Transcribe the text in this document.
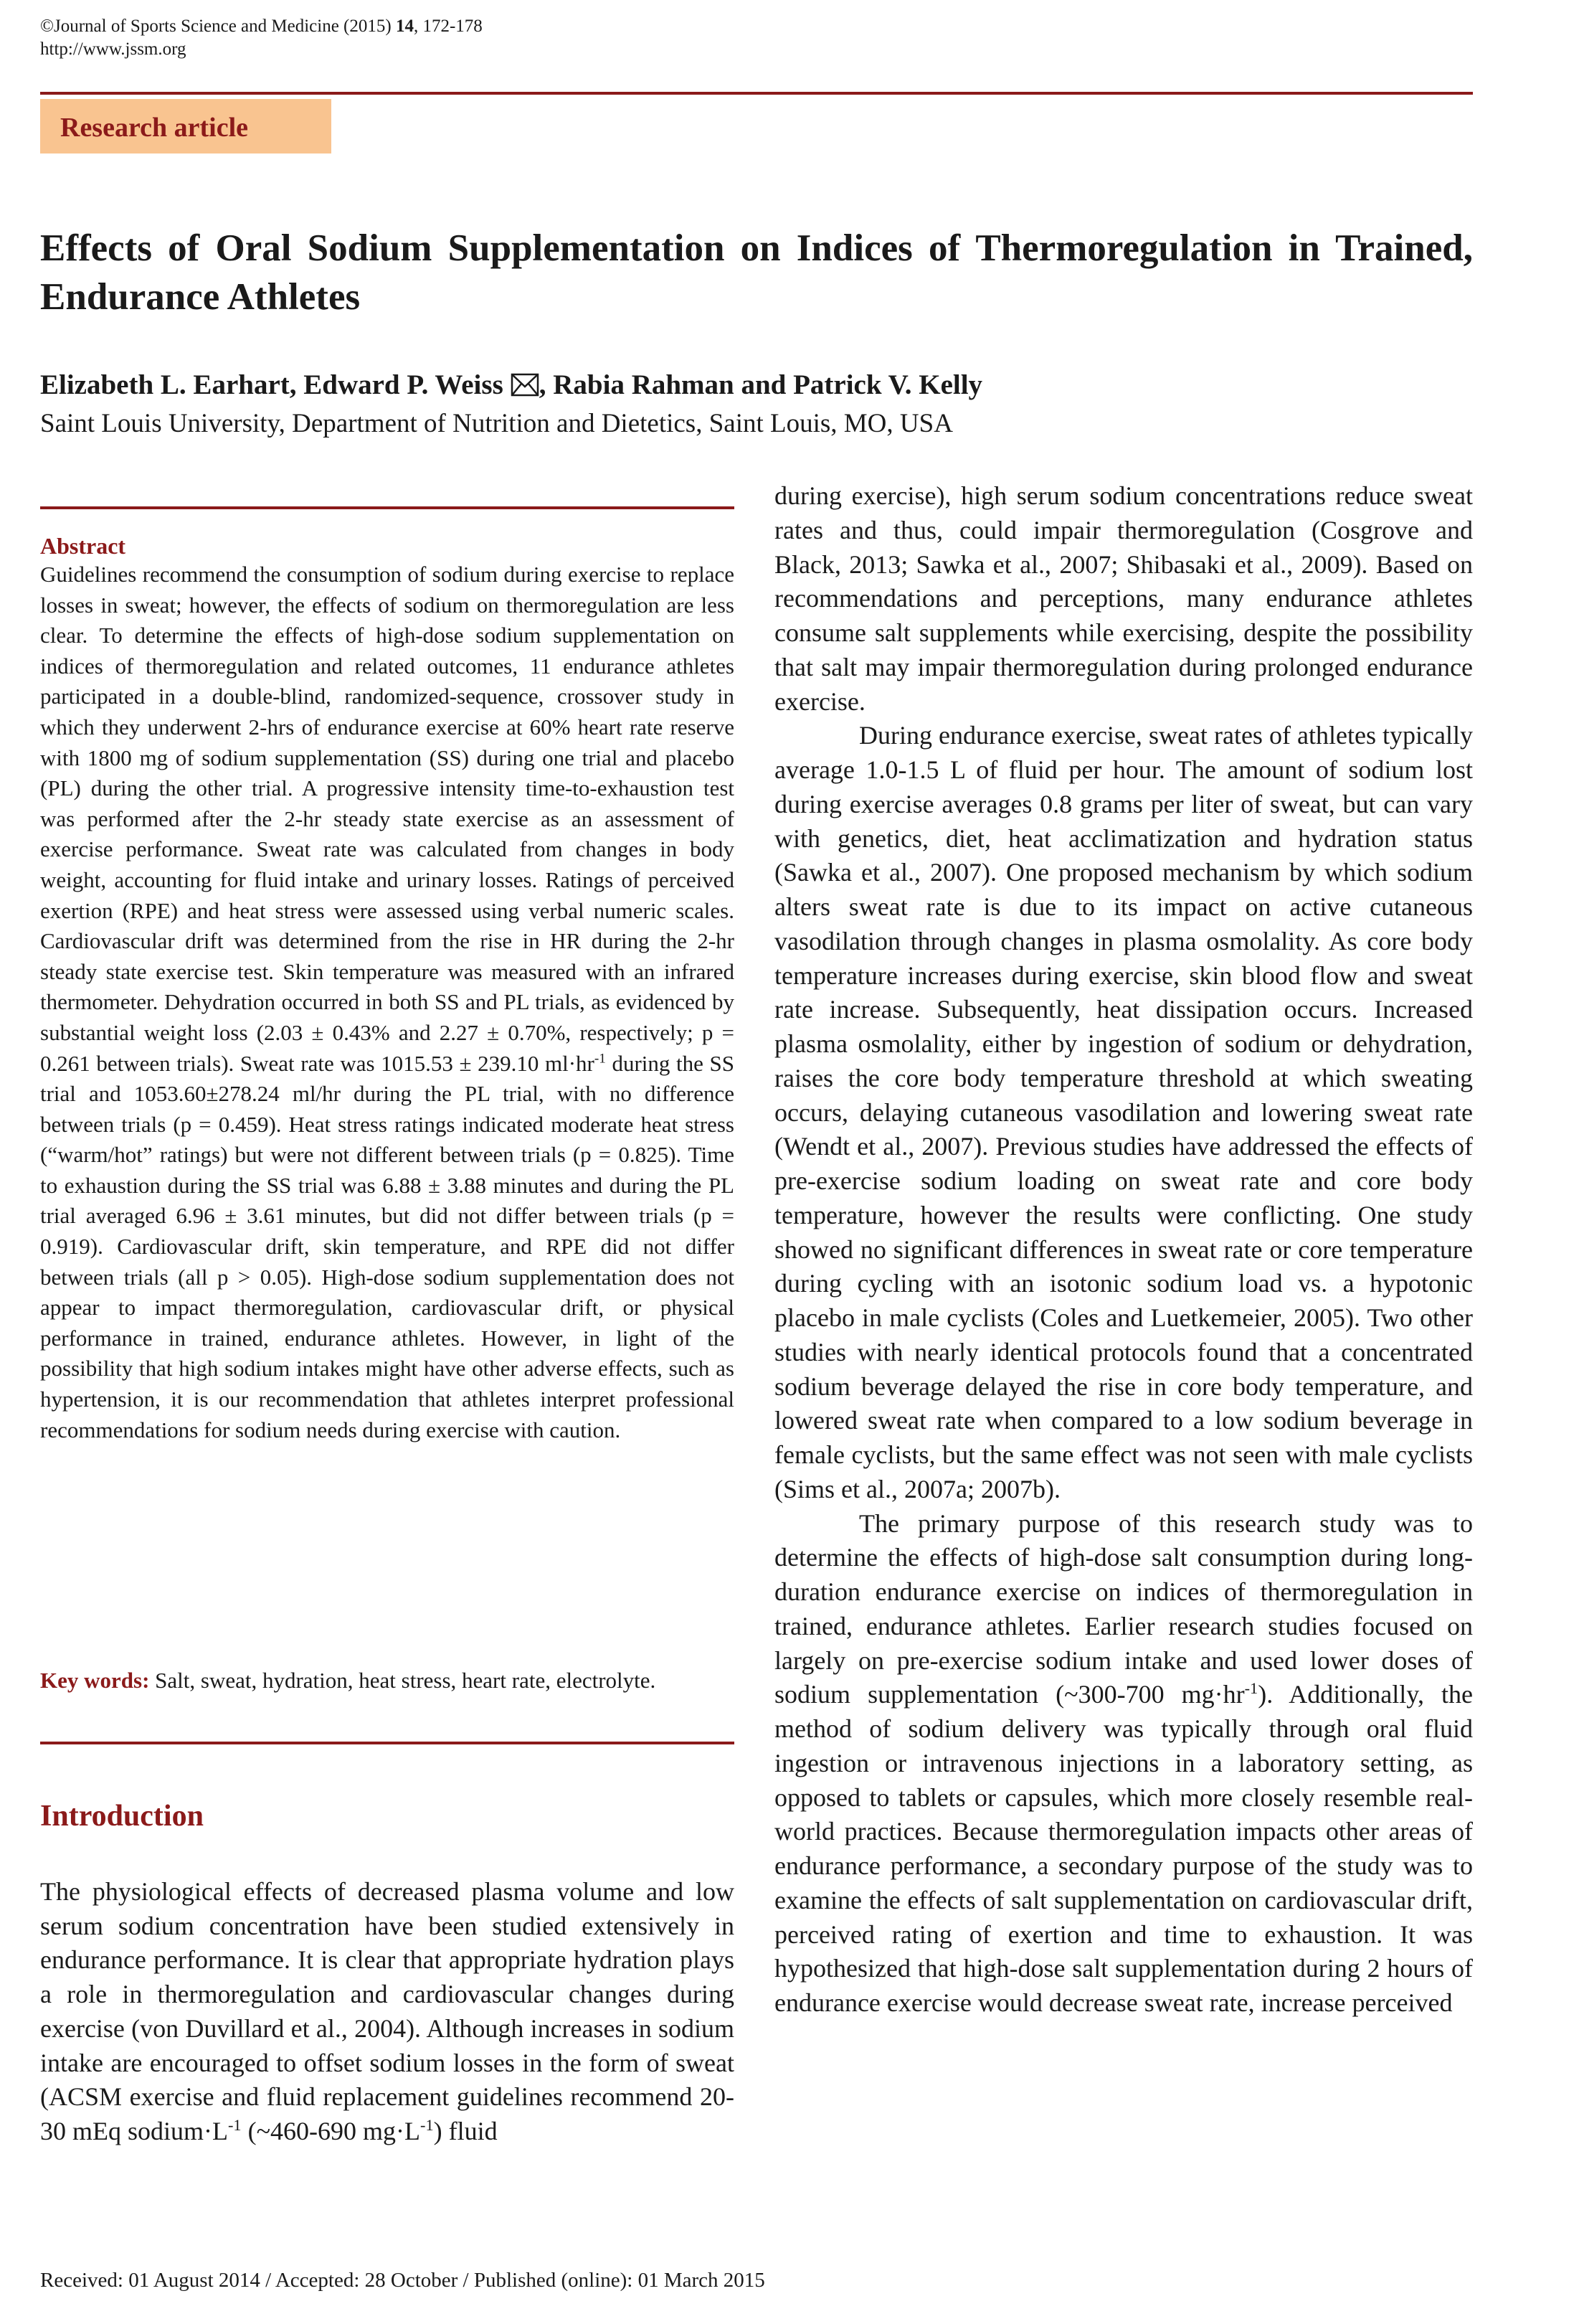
©Journal of Sports Science and Medicine (2015) 14, 172-178
http://www.jssm.org
Research article
Effects of Oral Sodium Supplementation on Indices of Thermoregulation in Trained, Endurance Athletes
Elizabeth L. Earhart, Edward P. Weiss , Rabia Rahman and Patrick V. Kelly
Saint Louis University, Department of Nutrition and Dietetics, Saint Louis, MO, USA
Abstract

Guidelines recommend the consumption of sodium during exercise to replace losses in sweat; however, the effects of sodium on thermoregulation are less clear. To determine the effects of high-dose sodium supplementation on indices of thermoregulation and related outcomes, 11 endurance athletes participated in a double-blind, randomized-sequence, crossover study in which they underwent 2-hrs of endurance exercise at 60% heart rate reserve with 1800 mg of sodium supplementation (SS) during one trial and placebo (PL) during the other trial. A progressive intensity time-to-exhaustion test was performed after the 2-hr steady state exercise as an assessment of exercise performance. Sweat rate was calculated from changes in body weight, accounting for fluid intake and urinary losses. Ratings of perceived exertion (RPE) and heat stress were assessed using verbal numeric scales. Cardiovascular drift was determined from the rise in HR during the 2-hr steady state exercise test. Skin temperature was measured with an infrared thermometer. Dehydration occurred in both SS and PL trials, as evidenced by substantial weight loss (2.03 ± 0.43% and 2.27 ± 0.70%, respectively; p = 0.261 between trials). Sweat rate was 1015.53 ± 239.10 $ml\cdot hr^{-1}$ during the SS trial and 1053.60±278.24 ml/hr during the PL trial, with no difference between trials (p = 0.459). Heat stress ratings indicated moderate heat stress (“warm/hot” ratings) but were not different between trials (p = 0.825). Time to exhaustion during the SS trial was 6.88 ± 3.88 minutes and during the PL trial averaged 6.96 ± 3.61 minutes, but did not differ between trials (p = 0.919). Cardiovascular drift, skin temperature, and RPE did not differ between trials (all p > 0.05). High-dose sodium supplementation does not appear to impact thermoregulation, cardiovascular drift, or physical performance in trained, endurance athletes. However, in light of the possibility that high sodium intakes might have other adverse effects, such as hypertension, it is our recommendation that athletes interpret professional recommendations for sodium needs during exercise with caution.

Key words: Salt, sweat, hydration, heat stress, heart rate, electrolyte.

Introduction

The physiological effects of decreased plasma volume and low serum sodium concentration have been studied extensively in endurance performance. It is clear that appropriate hydration plays a role in thermoregulation and cardiovascular changes during exercise (von Duvillard et al., 2004). Although increases in sodium intake are encouraged to offset sodium losses in the form of sweat (ACSM exercise and fluid replacement guidelines recommend 20-30 mEq $sodium\cdot L^{-1}$ (~460-690 $mg\cdot L^{-1}$) fluid

during exercise), high serum sodium concentrations reduce sweat rates and thus, could impair thermoregulation (Cosgrove and Black, 2013; Sawka et al., 2007; Shibasaki et al., 2009). Based on recommendations and perceptions, many endurance athletes consume salt supplements while exercising, despite the possibility that salt may impair thermoregulation during prolonged endurance exercise.

During endurance exercise, sweat rates of athletes typically average 1.0-1.5 L of fluid per hour. The amount of sodium lost during exercise averages 0.8 grams per liter of sweat, but can vary with genetics, diet, heat acclimatization and hydration status (Sawka et al., 2007). One proposed mechanism by which sodium alters sweat rate is due to its impact on active cutaneous vasodilation through changes in plasma osmolality. As core body temperature increases during exercise, skin blood flow and sweat rate increase. Subsequently, heat dissipation occurs. Increased plasma osmolality, either by ingestion of sodium or dehydration, raises the core body temperature threshold at which sweating occurs, delaying cutaneous vasodilation and lowering sweat rate (Wendt et al., 2007). Previous studies have addressed the effects of pre-exercise sodium loading on sweat rate and core body temperature, however the results were conflicting. One study showed no significant differences in sweat rate or core temperature during cycling with an isotonic sodium load vs. a hypotonic placebo in male cyclists (Coles and Luetkemeier, 2005). Two other studies with nearly identical protocols found that a concentrated sodium beverage delayed the rise in core body temperature, and lowered sweat rate when compared to a low sodium beverage in female cyclists, but the same effect was not seen with male cyclists (Sims et al., 2007a; 2007b).

The primary purpose of this research study was to determine the effects of high-dose salt consumption during long-duration endurance exercise on indices of thermoregulation in trained, endurance athletes. Earlier research studies focused on largely on pre-exercise sodium intake and used lower doses of sodium supplementation (~300-700 $mg\cdot hr^{-1}$). Additionally, the method of sodium delivery was typically through oral fluid ingestion or intravenous injections in a laboratory setting, as opposed to tablets or capsules, which more closely resemble real-world practices. Because thermoregulation impacts other areas of endurance performance, a secondary purpose of the study was to examine the effects of salt supplementation on cardiovascular drift, perceived rating of exertion and time to exhaustion. It was hypothesized that high-dose salt supplementation during 2 hours of endurance exercise would decrease sweat rate, increase perceived

Received: 01 August 2014 / Accepted: 28 October / Published (online): 01 March 2015
